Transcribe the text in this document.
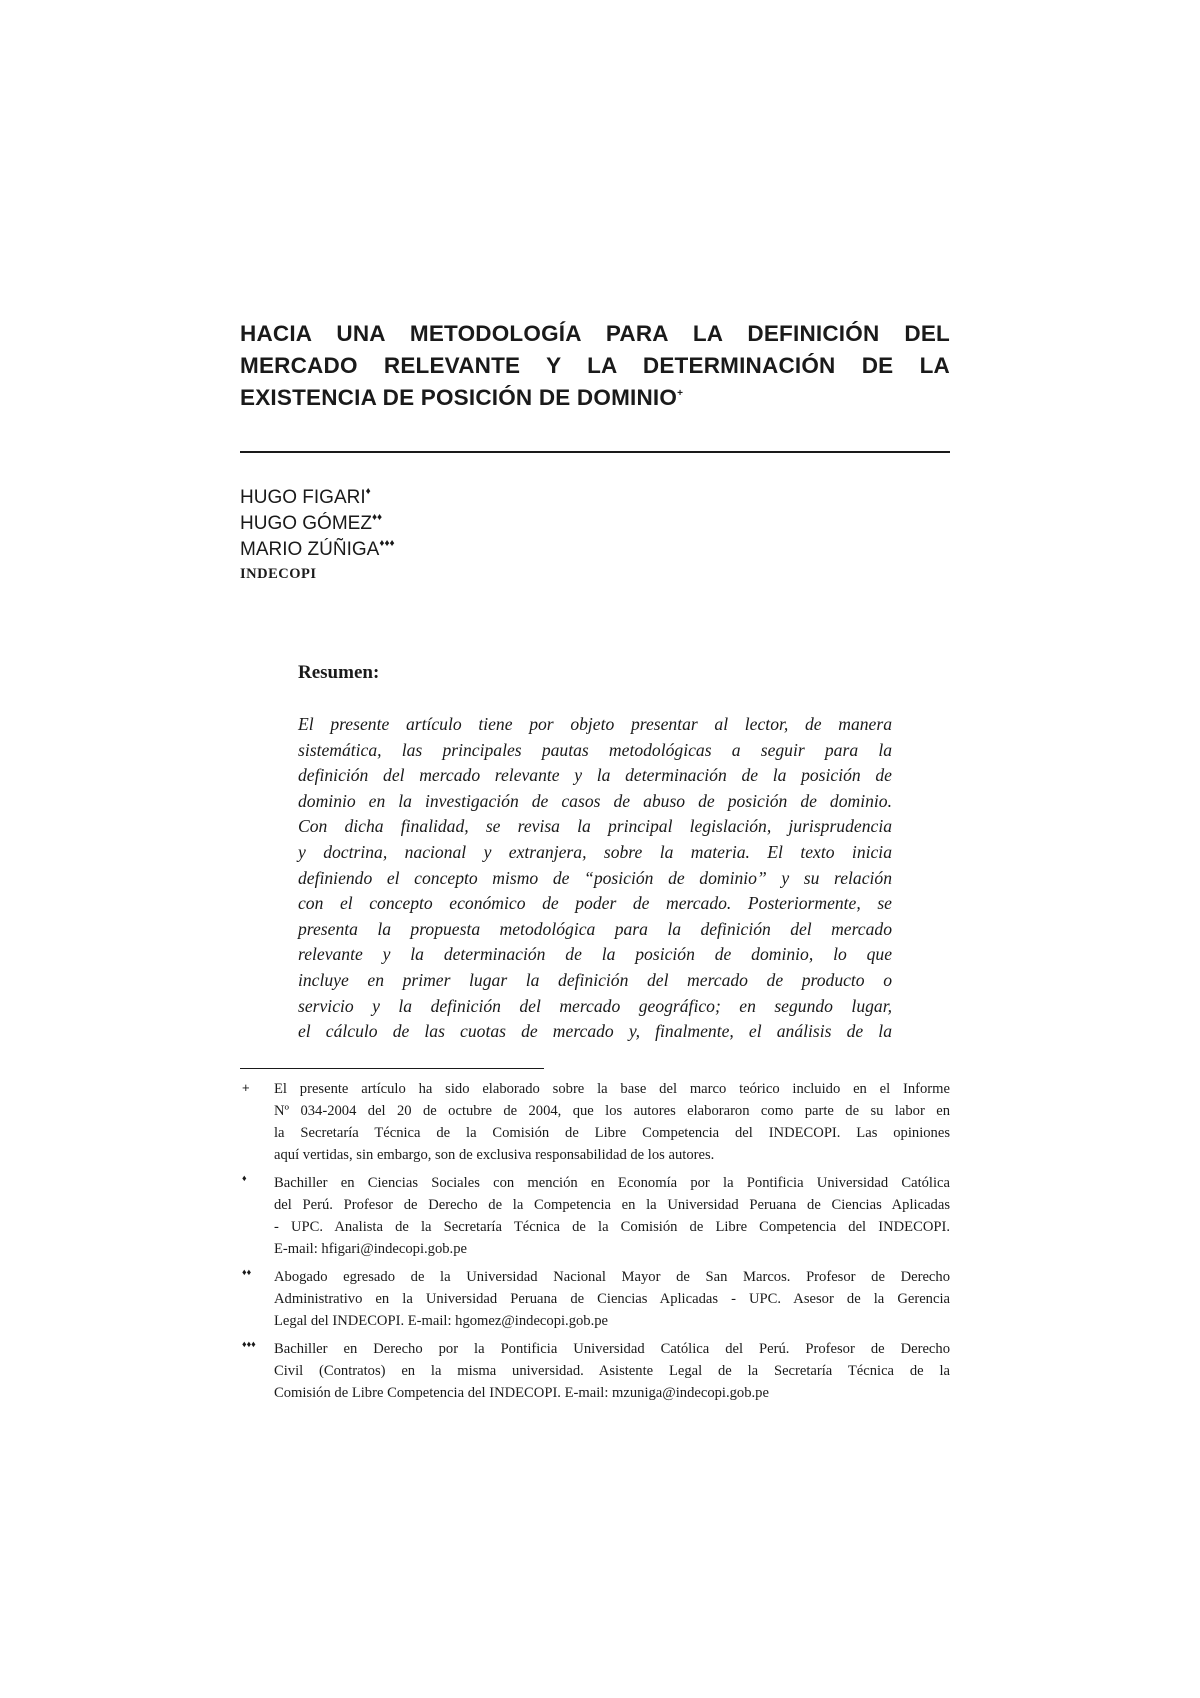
HACIA UNA METODOLOGÍA PARA LA DEFINICIÓN DEL
MERCADO RELEVANTE Y LA DETERMINACIÓN DE LA
EXISTENCIA DE POSICIÓN DE DOMINIO+
HUGO FIGARI♦
HUGO GÓMEZ♦♦
MARIO ZÚÑIGA♦♦♦
INDECOPI
Resumen:

El presente artículo tiene por objeto presentar al lector, de manera
sistemática, las principales pautas metodológicas a seguir para la
definición del mercado relevante y la determinación de la posición de
dominio en la investigación de casos de abuso de posición de dominio.
Con dicha finalidad, se revisa la principal legislación, jurisprudencia
y doctrina, nacional y extranjera, sobre la materia. El texto inicia
definiendo el concepto mismo de “posición de dominio” y su relación
con el concepto económico de poder de mercado. Posteriormente, se
presenta la propuesta metodológica para la definición del mercado
relevante y la determinación de la posición de dominio, lo que
incluye en primer lugar la definición del mercado de producto o
servicio y la definición del mercado geográfico; en segundo lugar,
el cálculo de las cuotas de mercado y, finalmente, el análisis de la

+ El presente artículo ha sido elaborado sobre la base del marco teórico incluido en el Informe
Nº 034-2004 del 20 de octubre de 2004, que los autores elaboraron como parte de su labor en
la Secretaría Técnica de la Comisión de Libre Competencia del INDECOPI. Las opiniones
aquí vertidas, sin embargo, son de exclusiva responsabilidad de los autores.
♦ Bachiller en Ciencias Sociales con mención en Economía por la Pontificia Universidad Católica
del Perú. Profesor de Derecho de la Competencia en la Universidad Peruana de Ciencias Aplicadas
- UPC. Analista de la Secretaría Técnica de la Comisión de Libre Competencia del INDECOPI.
E-mail: hfigari@indecopi.gob.pe
♦♦ Abogado egresado de la Universidad Nacional Mayor de San Marcos. Profesor de Derecho
Administrativo en la Universidad Peruana de Ciencias Aplicadas - UPC. Asesor de la Gerencia
Legal del INDECOPI. E-mail: hgomez@indecopi.gob.pe
♦♦♦ Bachiller en Derecho por la Pontificia Universidad Católica del Perú. Profesor de Derecho
Civil (Contratos) en la misma universidad. Asistente Legal de la Secretaría Técnica de la
Comisión de Libre Competencia del INDECOPI. E-mail: mzuniga@indecopi.gob.pe
